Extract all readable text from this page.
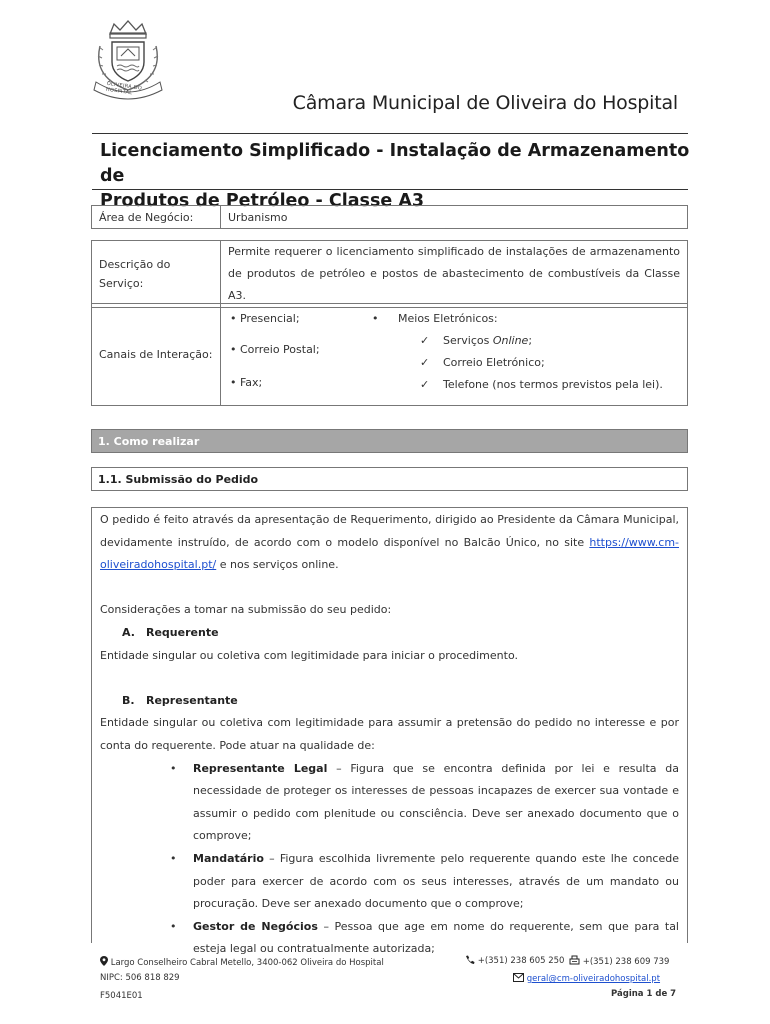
OLIVEIRA DO HOSPITAL
Câmara Municipal de Oliveira do Hospital
Licenciamento Simplificado - Instalação de Armazenamento de
Produtos de Petróleo - Classe A3
Área de Negócio:	Urbanismo
Descrição do
Serviço:

Permite requerer o licenciamento simplificado de instalações de armazenamento
de produtos de petróleo e postos de abastecimento de combustíveis da Classe A3.
Canais de Interação:	
• Presencial;
• Correio Postal;
• Fax;
• Meios Eletrónicos:
✓ Serviços Online;
✓ Correio Eletrónico;
✓ Telefone (nos termos previstos pela lei).
1. Como realizar
1.1. Submissão do Pedido

O pedido é feito através da apresentação de Requerimento, dirigido ao Presidente da Câmara Municipal, devidamente instruído, de acordo com o modelo disponível no Balcão Único, no site https://www.cm-oliveiradohospital.pt/ e nos serviços online.

Considerações a tomar na submissão do seu pedido:

A. Requerente

Entidade singular ou coletiva com legitimidade para iniciar o procedimento.

B. Representante

Entidade singular ou coletiva com legitimidade para assumir a pretensão do pedido no interesse e por conta do requerente. Pode atuar na qualidade de:

• Representante Legal – Figura que se encontra definida por lei e resulta da necessidade de proteger os interesses de pessoas incapazes de exercer sua vontade e assumir o pedido com plenitude ou consciência. Deve ser anexado documento que o comprove;
• Mandatário – Figura escolhida livremente pelo requerente quando este lhe concede poder para exercer de acordo com os seus interesses, através de um mandato ou procuração. Deve ser anexado documento que o comprove;
• Gestor de Negócios – Pessoa que age em nome do requerente, sem que para tal esteja legal ou contratualmente autorizada;
Largo Conselheiro Cabral Metello, 3400-062 Oliveira do Hospital
NIPC: 506 818 829
F5041E01
+(351) 238 605 250	+(351) 238 609 739
geral@cm-oliveiradohospital.pt
Página 1 de 7
